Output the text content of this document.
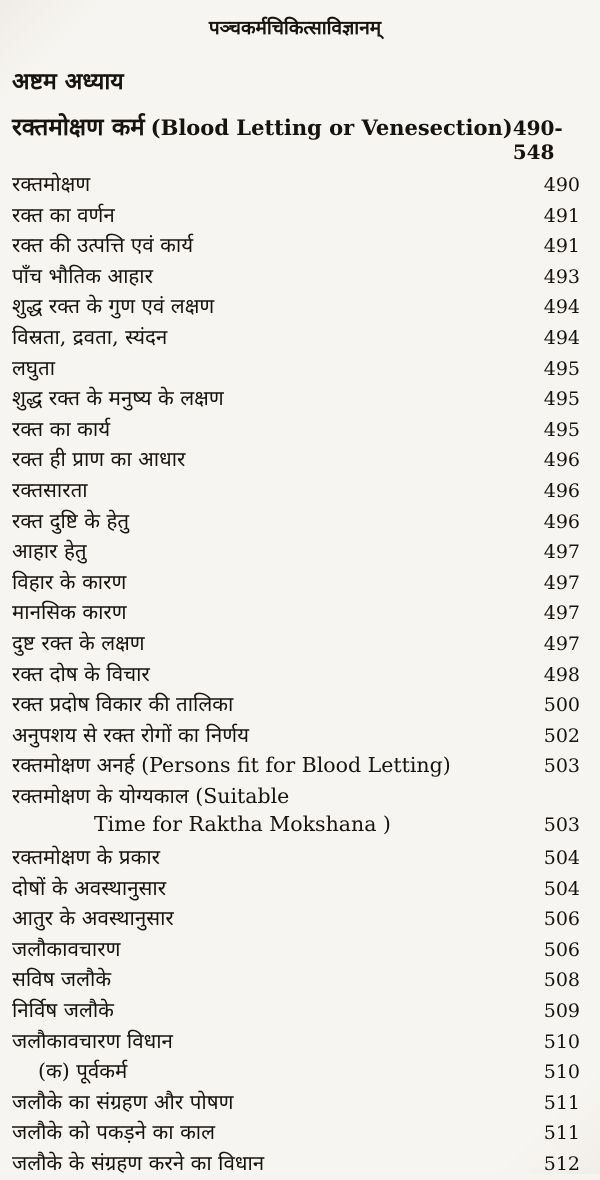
पञ्चकर्मचिकित्साविज्ञानम्
अष्टम अध्याय
रक्तमोक्षण कर्म (Blood Letting or Venesection) 490-548
रक्तमोक्षण	490
रक्त का वर्णन	491
रक्त की उत्पत्ति एवं कार्य	491
पाँच भौतिक आहार	493
शुद्ध रक्त के गुण एवं लक्षण	494
विस्रता, द्रवता, स्यंदन	494
लघुता	495
शुद्ध रक्त के मनुष्य के लक्षण	495
रक्त का कार्य	495
रक्त ही प्राण का आधार	496
रक्तसारता	496
रक्त दुष्टि के हेतु	496
आहार हेतु	497
विहार के कारण	497
मानसिक कारण	497
दुष्ट रक्त के लक्षण	497
रक्त दोष के विचार	498
रक्त प्रदोष विकार की तालिका	500
अनुपशय से रक्त रोगों का निर्णय	502
रक्तमोक्षण अनर्ह (Persons fit for Blood Letting)	503
रक्तमोक्षण के योग्यकाल (Suitable
Time for Raktha Mokshana )	503
रक्तमोक्षण के प्रकार	504
दोषों के अवस्थानुसार	504
आतुर के अवस्थानुसार	506
जलौकावचारण	506
सविष जलौके	508
निर्विष जलौके	509
जलौकावचारण विधान	510
(क) पूर्वकर्म	510
जलौके का संग्रहण और पोषण	511
जलौके को पकड़ने का काल	511
जलौके के संग्रहण करने का विधान	512
